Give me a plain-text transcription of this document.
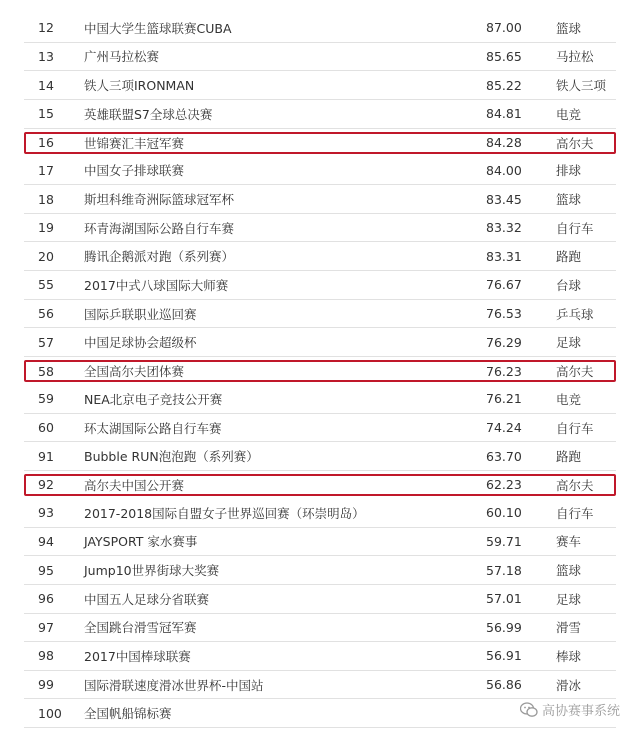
12 中国大学生篮球联赛CUBA	87.00	篮球
13 广州马拉松赛	85.65	马拉松
14 铁人三项IRONMAN	85.22	铁人三项
15 英雄联盟S7全球总决赛	84.81	电竞
16 世锦赛汇丰冠军赛	84.28	高尔夫
17 中国女子排球联赛	84.00	排球
18 斯坦科维奇洲际篮球冠军杯	83.45	篮球
19 环青海湖国际公路自行车赛	83.32	自行车
20 腾讯企鹅派对跑（系列赛）	83.31	路跑
55 2017中式八球国际大师赛	76.67	台球
56 国际乒联职业巡回赛	76.53	乒乓球
57 中国足球协会超级杯	76.29	足球
58 全国高尔夫团体赛	76.23	高尔夫
59 NEA北京电子竞技公开赛	76.21	电竞
60 环太湖国际公路自行车赛	74.24	自行车
91 Bubble RUN泡泡跑（系列赛）	63.70	路跑
92 高尔夫中国公开赛	62.23	高尔夫
93 2017-2018国际自盟女子世界巡回赛（环崇明岛）	60.10	自行车
94 JAYSPORT 家水赛事	59.71	赛车
95 Jump10世界街球大奖赛	57.18	篮球
96 中国五人足球分省联赛	57.01	足球
97 全国跳台滑雪冠军赛	56.99	滑雪
98 2017中国棒球联赛	56.91	棒球
99 国际滑联速度滑冰世界杯-中国站	56.86	滑冰
100 全国帆船锦标赛	高协赛事系统
